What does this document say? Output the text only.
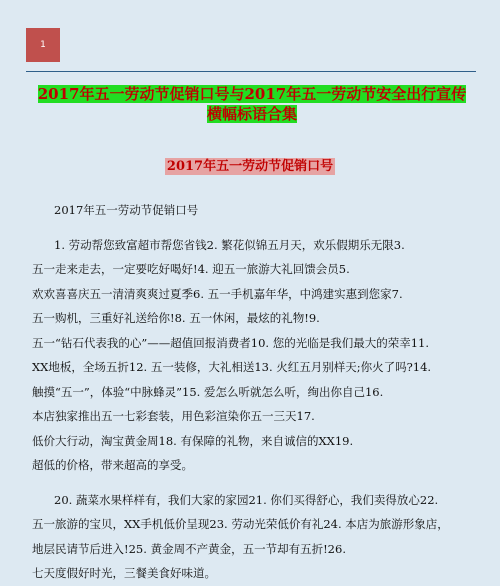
1
2017年五一劳动节促销口号与2017年五一劳动节安全出行宣传横幅标语合集
2017年五一劳动节促销口号
2017年五一劳动节促销口号
1. 劳动帮您致富超市帮您省钱2. 繁花似锦五月天，欢乐假期乐无限3.
五一走来走去，一定要吃好喝好!4. 迎五一旅游大礼回馈会员5.
欢欢喜喜庆五一清清爽爽过夏季6. 五一手机嘉年华，中鸿建实惠到您家7.
五一购机，三重好礼送给你!8. 五一休闲，最炫的礼物!9.
五一“钻石代表我的心”——超值回报消费者10. 您的光临是我们最大的荣幸11.
XX地板，全场五折12. 五一装修，大礼相送13. 火红五月别样天;你火了吗?14.
触摸“五一”，体验“中脉蜂灵”15. 爱怎么听就怎么听，绚出你自己16.
本店独家推出五一七彩套装，用色彩渲染你五一三天17.
低价大行动，淘宝黄金周18. 有保障的礼物，来自诚信的XX19.
超低的价格，带来超高的享受。
20. 蔬菜水果样样有，我们大家的家园21. 你们买得舒心，我们卖得放心22.
五一旅游的宝贝，XX手机低价呈现23. 劳动光荣低价有礼24. 本店为旅游形象店，
地层民请节后进入!25. 黄金周不产黄金，五一节却有五折!26.
七天度假好时光，三餐美食好味道。
